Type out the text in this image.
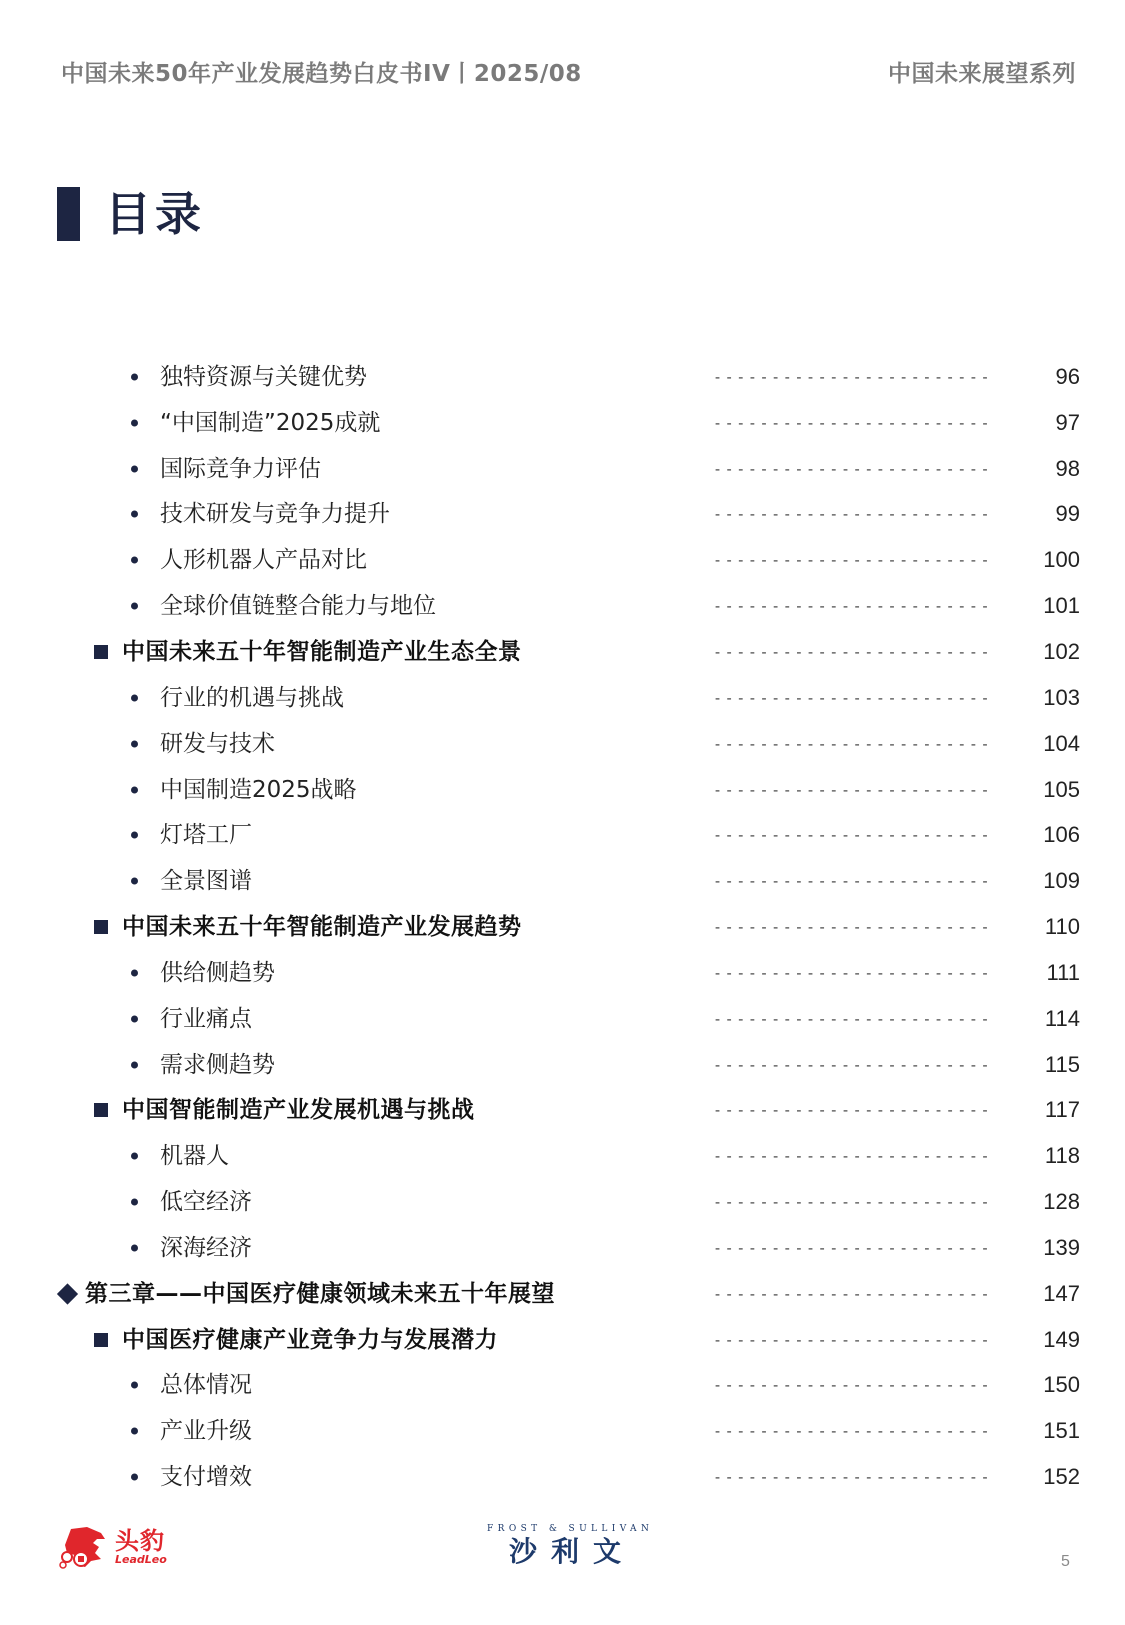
中国未来50年产业发展趋势白皮书IV丨2025/08	中国未来展望系列
目录
独特资源与关键优势	------------------------	96
“中国制造”2025成就	------------------------	97
国际竞争力评估	------------------------	98
技术研发与竞争力提升	------------------------	99
人形机器人产品对比	------------------------ 100
全球价值链整合能力与地位	------------------------ 101
中国未来五十年智能制造产业生态全景	------------------------ 102
行业的机遇与挑战	------------------------ 103
研发与技术	------------------------ 104
中国制造2025战略	------------------------ 105
灯塔工厂	------------------------ 106
全景图谱	------------------------ 109
中国未来五十年智能制造产业发展趋势	------------------------ 110
供给侧趋势	------------------------ 111
行业痛点	------------------------ 114
需求侧趋势	------------------------ 115
中国智能制造产业发展机遇与挑战	------------------------ 117
机器人	------------------------ 118
低空经济	------------------------ 128
深海经济	------------------------ 139
第三章——中国医疗健康领域未来五十年展望	------------------------ 147
中国医疗健康产业竞争力与发展潜力	------------------------ 149
总体情况	------------------------ 150
产业升级	------------------------ 151
支付增效	------------------------ 152
头豹
LeadLeo
FROST & SULLIVAN
沙利文	5
